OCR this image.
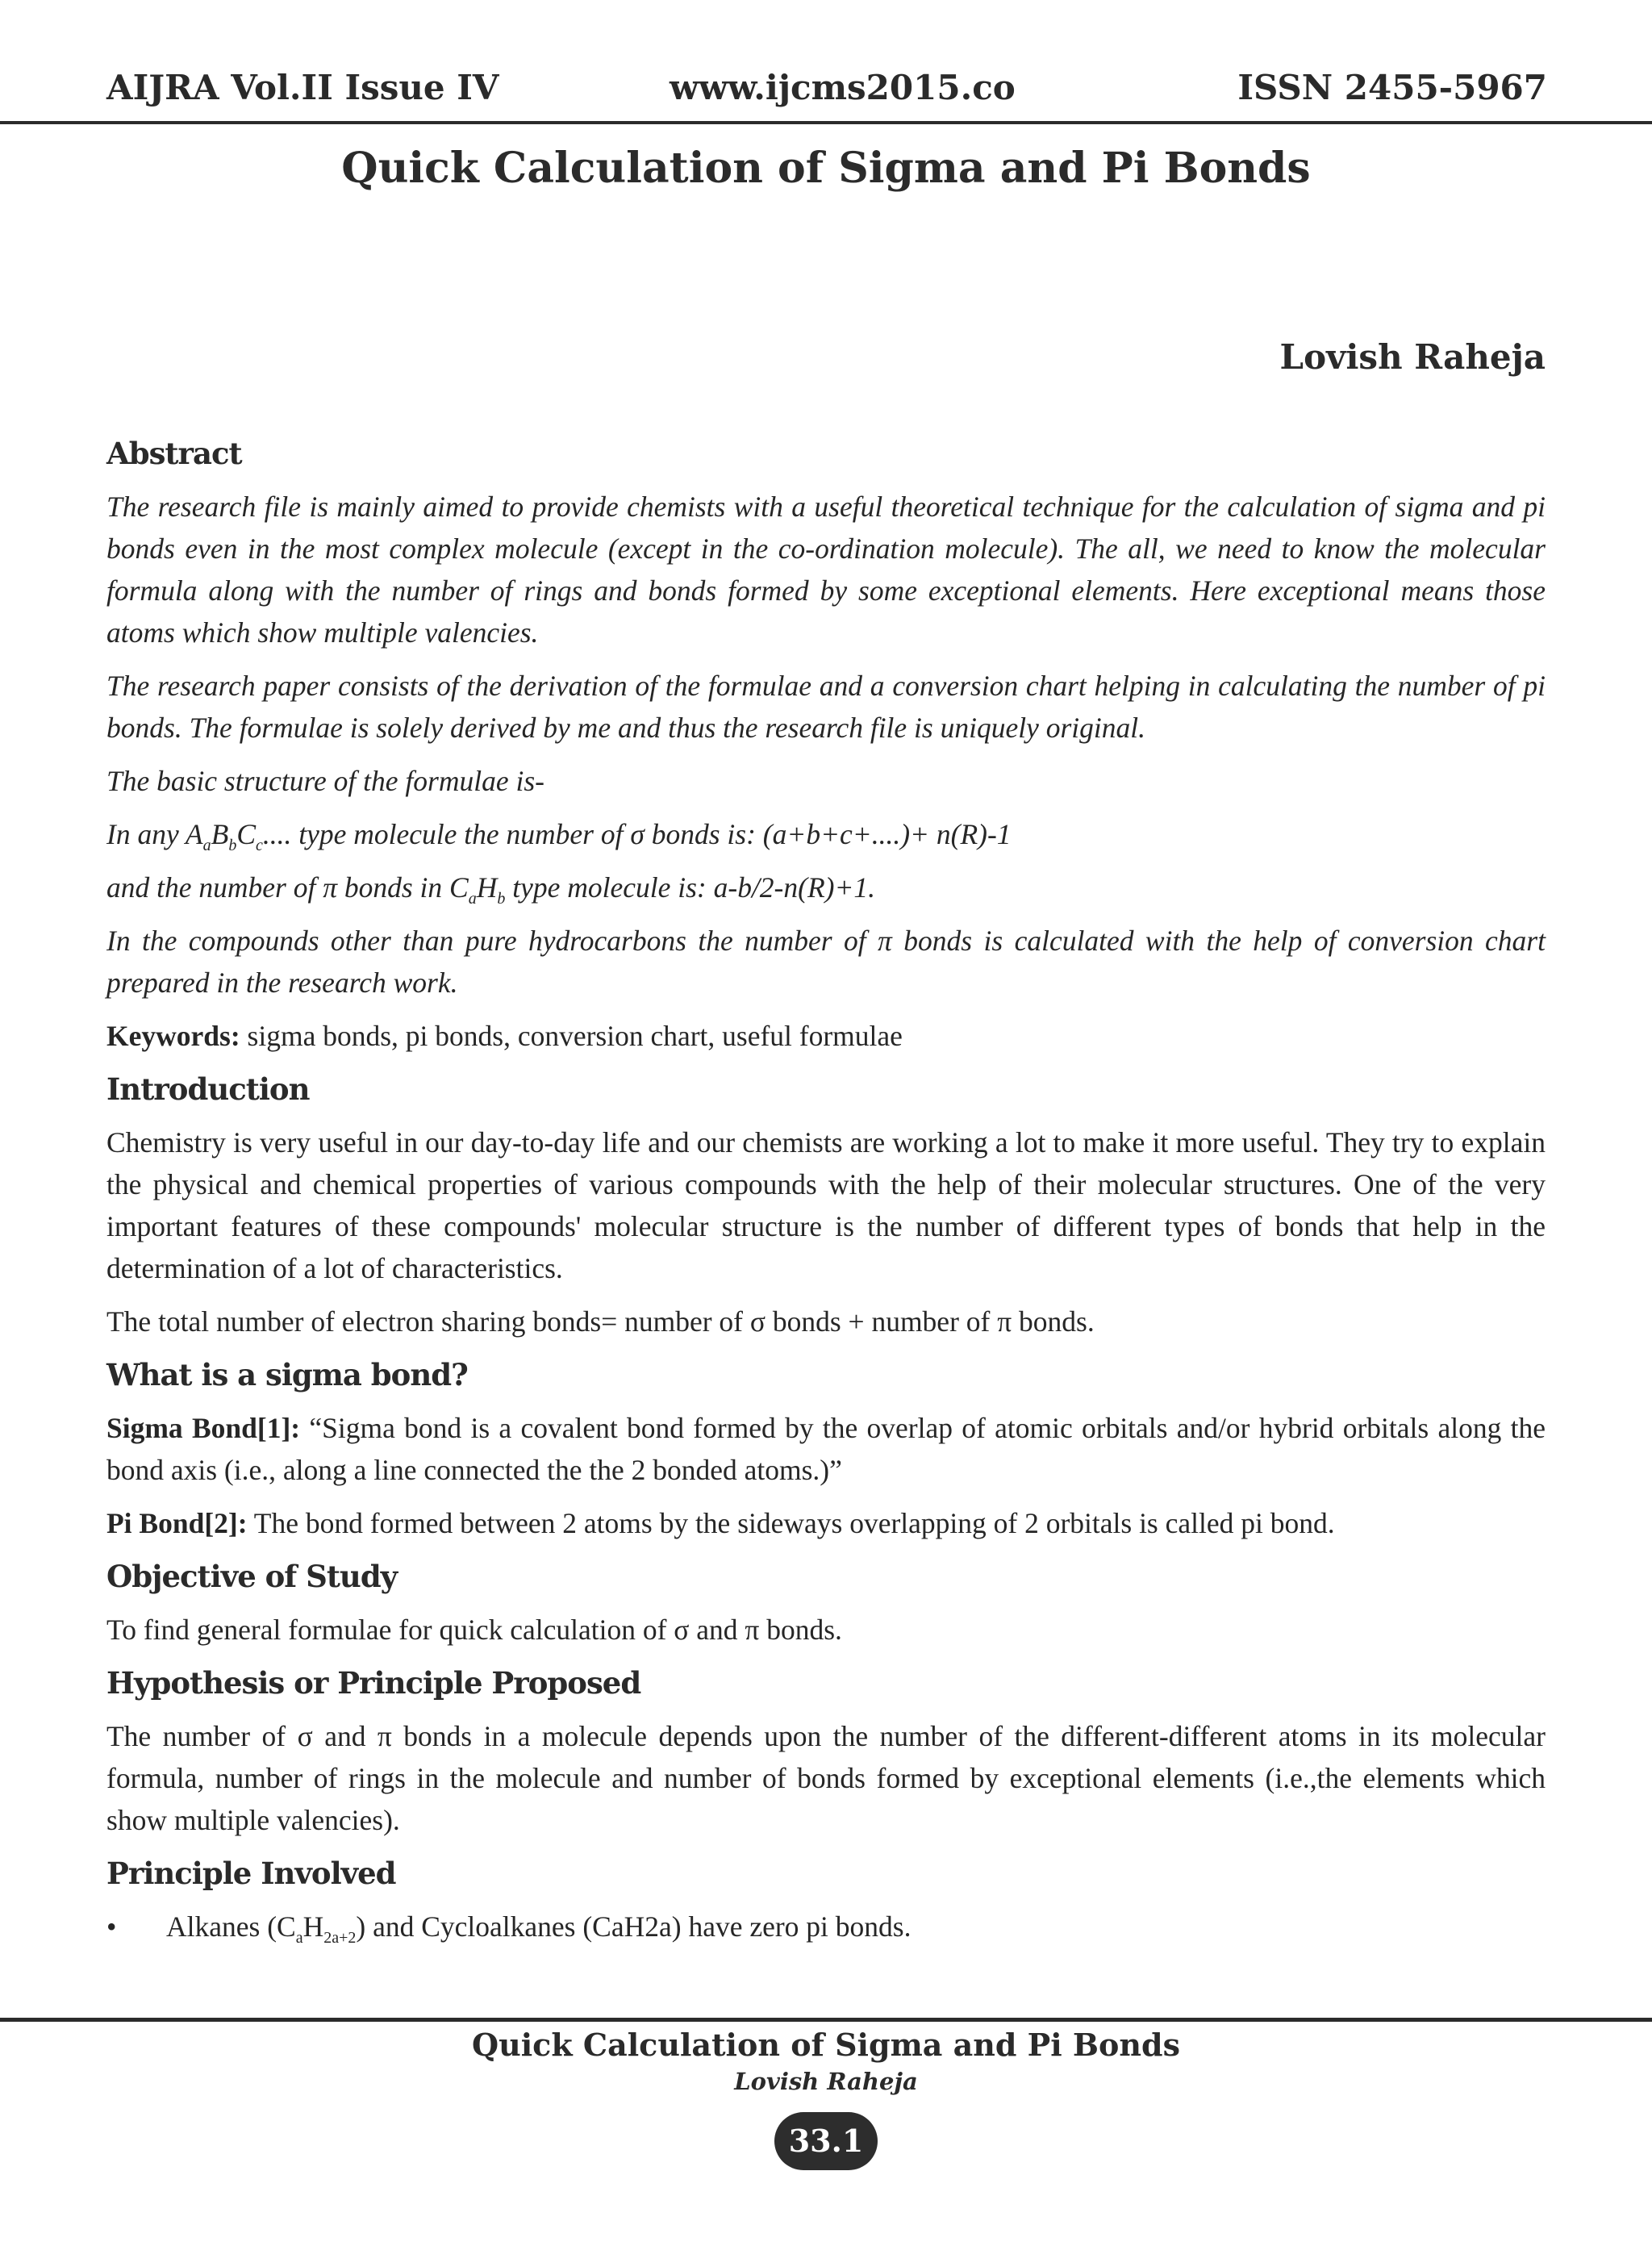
AIJRA Vol.II Issue IV	www.ijcms2015.co	ISSN 2455-5967
Quick Calculation of Sigma and Pi Bonds
Lovish Raheja
Abstract

The research file is mainly aimed to provide chemists with a useful theoretical technique for the calculation of sigma and pi bonds even in the most complex molecule (except in the co-ordination molecule). The all, we need to know the molecular formula along with the number of rings and bonds formed by some exceptional elements. Here exceptional means those atoms which show multiple valencies.

The research paper consists of the derivation of the formulae and a conversion chart helping in calculating the number of pi bonds. The formulae is solely derived by me and thus the research file is uniquely original.

The basic structure of the formulae is-

In any $A_aB_bC_c$.... type molecule the number of σ bonds is: (a+b+c+....)+ n(R)-1

and the number of π bonds in $C_aH_b$ type molecule is: a-b/2-n(R)+1.

In the compounds other than pure hydrocarbons the number of π bonds is calculated with the help of conversion chart prepared in the research work.

Keywords: sigma bonds, pi bonds, conversion chart, useful formulae

Introduction

Chemistry is very useful in our day-to-day life and our chemists are working a lot to make it more useful. They try to explain the physical and chemical properties of various compounds with the help of their molecular structures. One of the very important features of these compounds' molecular structure is the number of different types of bonds that help in the determination of a lot of characteristics.

The total number of electron sharing bonds= number of σ bonds + number of π bonds.

What is a sigma bond?

Sigma Bond[1]: “Sigma bond is a covalent bond formed by the overlap of atomic orbitals and/or hybrid orbitals along the bond axis (i.e., along a line connected the the 2 bonded atoms.)”

Pi Bond[2]: The bond formed between 2 atoms by the sideways overlapping of 2 orbitals is called pi bond.

Objective of Study

To find general formulae for quick calculation of σ and π bonds.

Hypothesis or Principle Proposed

The number of σ and π bonds in a molecule depends upon the number of the different-different atoms in its molecular formula, number of rings in the molecule and number of bonds formed by exceptional elements (i.e.,the elements which show multiple valencies).

Principle Involved
•	Alkanes $(C_aH_{2a+2})$ and Cycloalkanes (CaH2a) have zero pi bonds.
Quick Calculation of Sigma and Pi Bonds
Lovish Raheja
33.1
